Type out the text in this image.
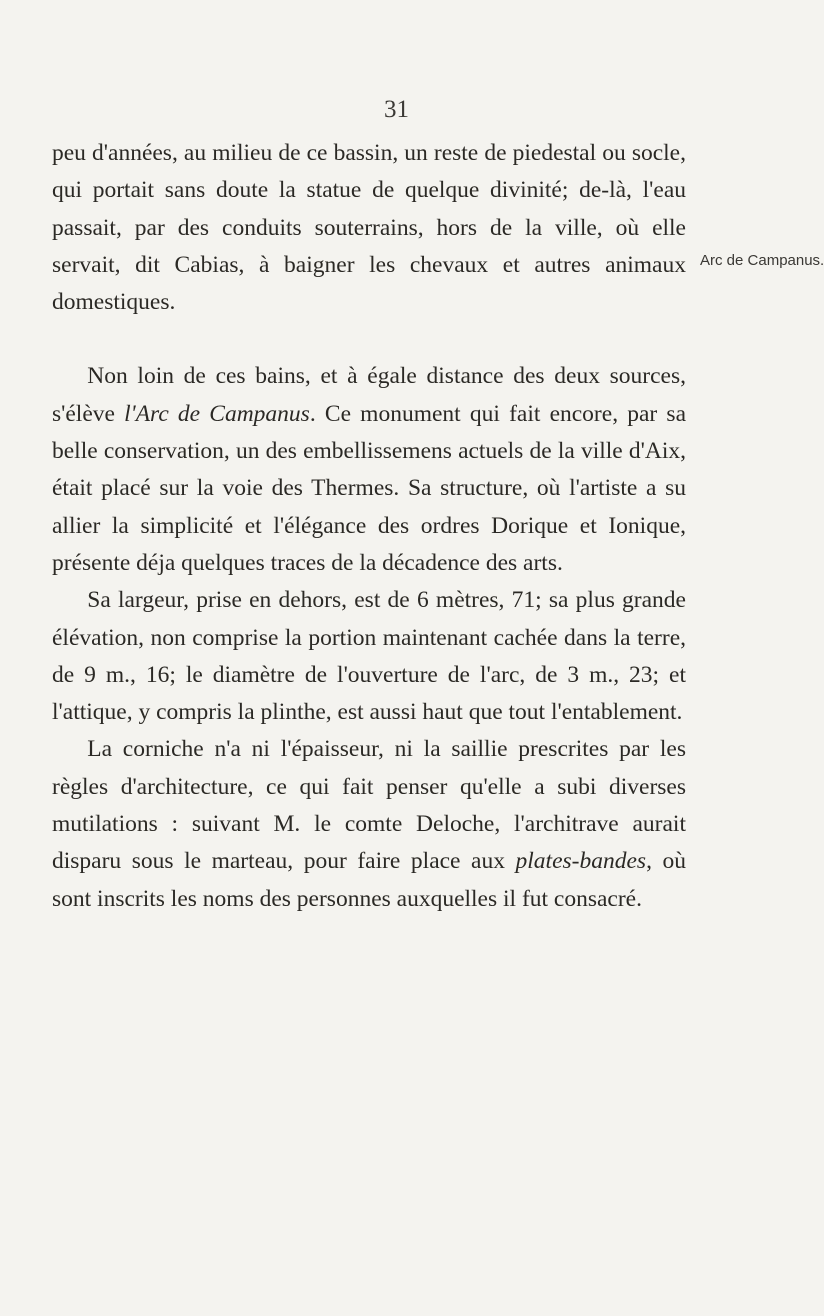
31
Arc de Campanus.

peu d'années, au milieu de ce bassin, un reste de piedestal ou socle, qui portait sans doute la statue de quelque divinité; de-là, l'eau passait, par des conduits souterrains, hors de la ville, où elle servait, dit Cabias, à baigner les chevaux et autres animaux domestiques.

Non loin de ces bains, et à égale distance des deux sources, s'élève l'Arc de Campanus. Ce monument qui fait encore, par sa belle conservation, un des embellissemens actuels de la ville d'Aix, était placé sur la voie des Thermes. Sa structure, où l'artiste a su allier la simplicité et l'élégance des ordres Dorique et Ionique, présente déja quelques traces de la décadence des arts.

Sa largeur, prise en dehors, est de 6 mètres, 71; sa plus grande élévation, non comprise la portion maintenant cachée dans la terre, de 9 m., 16; le diamètre de l'ouverture de l'arc, de 3 m., 23; et l'attique, y compris la plinthe, est aussi haut que tout l'entablement.

La corniche n'a ni l'épaisseur, ni la saillie prescrites par les règles d'architecture, ce qui fait penser qu'elle a subi diverses mutilations : suivant M. le comte Deloche, l'architrave aurait disparu sous le marteau, pour faire place aux plates-bandes, où sont inscrits les noms des personnes auxquelles il fut consacré.
